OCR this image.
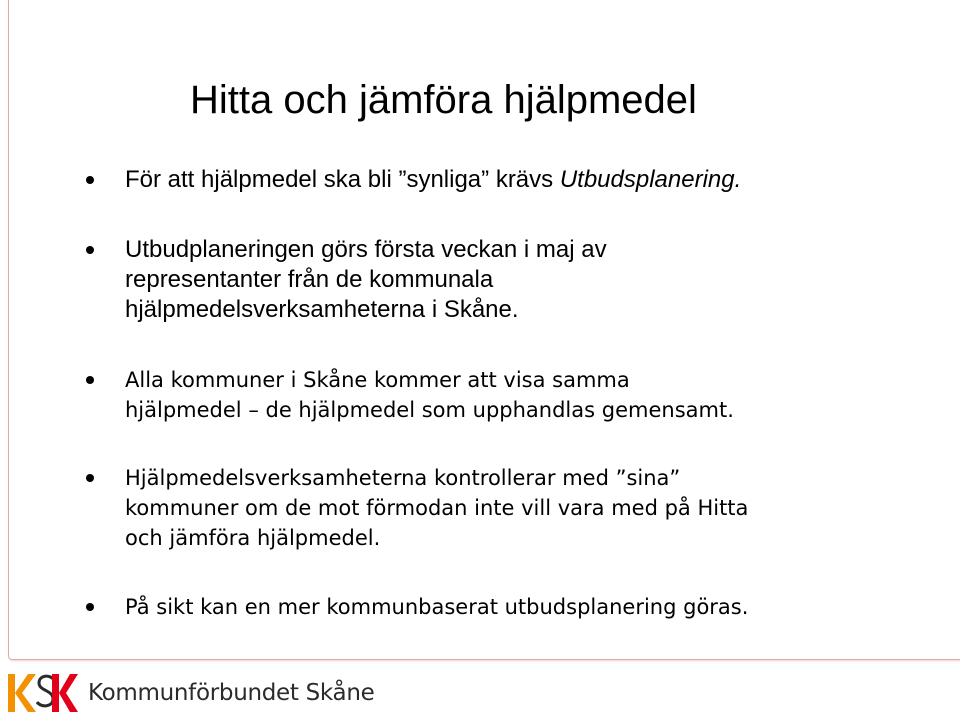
Hitta och jämföra hjälpmedel
För att hjälpmedel ska bli ”synliga” krävs Utbudsplanering.
Utbudplaneringen görs första veckan i maj av
representanter från de kommunala
hjälpmedelsverksamheterna i Skåne.
Alla kommuner i Skåne kommer att visa samma
hjälpmedel – de hjälpmedel som upphandlas gemensamt.
Hjälpmedelsverksamheterna kontrollerar med ”sina”
kommuner om de mot förmodan inte vill vara med på Hitta
och jämföra hjälpmedel.
På sikt kan en mer kommunbaserat utbudsplanering göras.
Kommunförbundet Skåne
